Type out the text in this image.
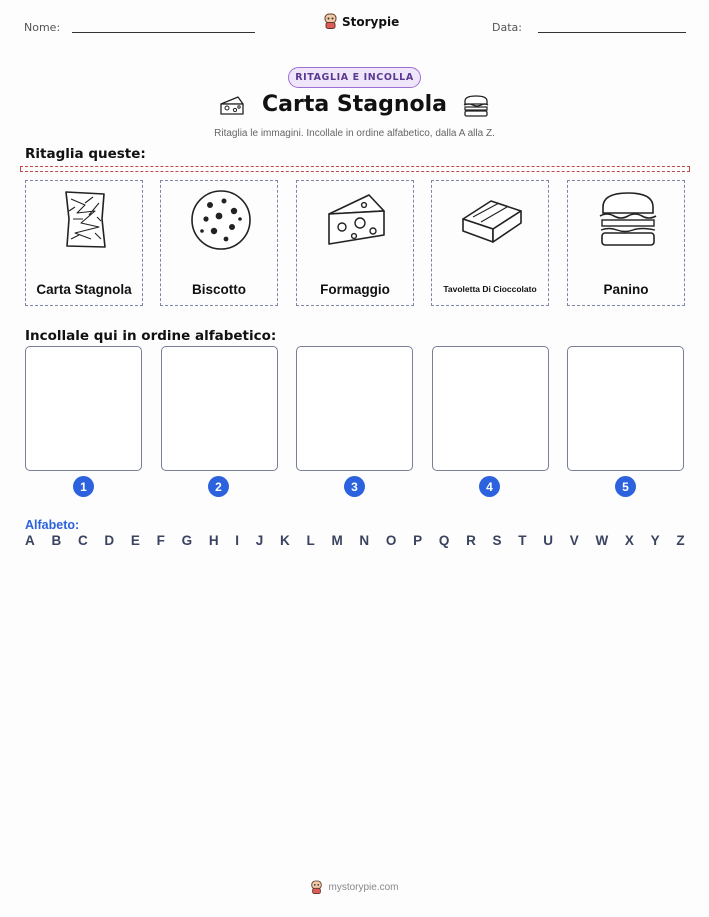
Nome:	Storypie	Data:
RITAGLIA E INCOLLA
Carta Stagnola
Ritaglia le immagini. Incollale in ordine alfabetico, dalla A alla Z.
Ritaglia queste:
Carta Stagnola	Biscotto	Formaggio	Tavoletta Di Cioccolato	Panino
Incollale qui in ordine alfabetico:
1	2	3	4	5
Alfabeto:
A B C D E F G H I J K L M N O P Q R S T U V W X Y Z
mystorypie.com
